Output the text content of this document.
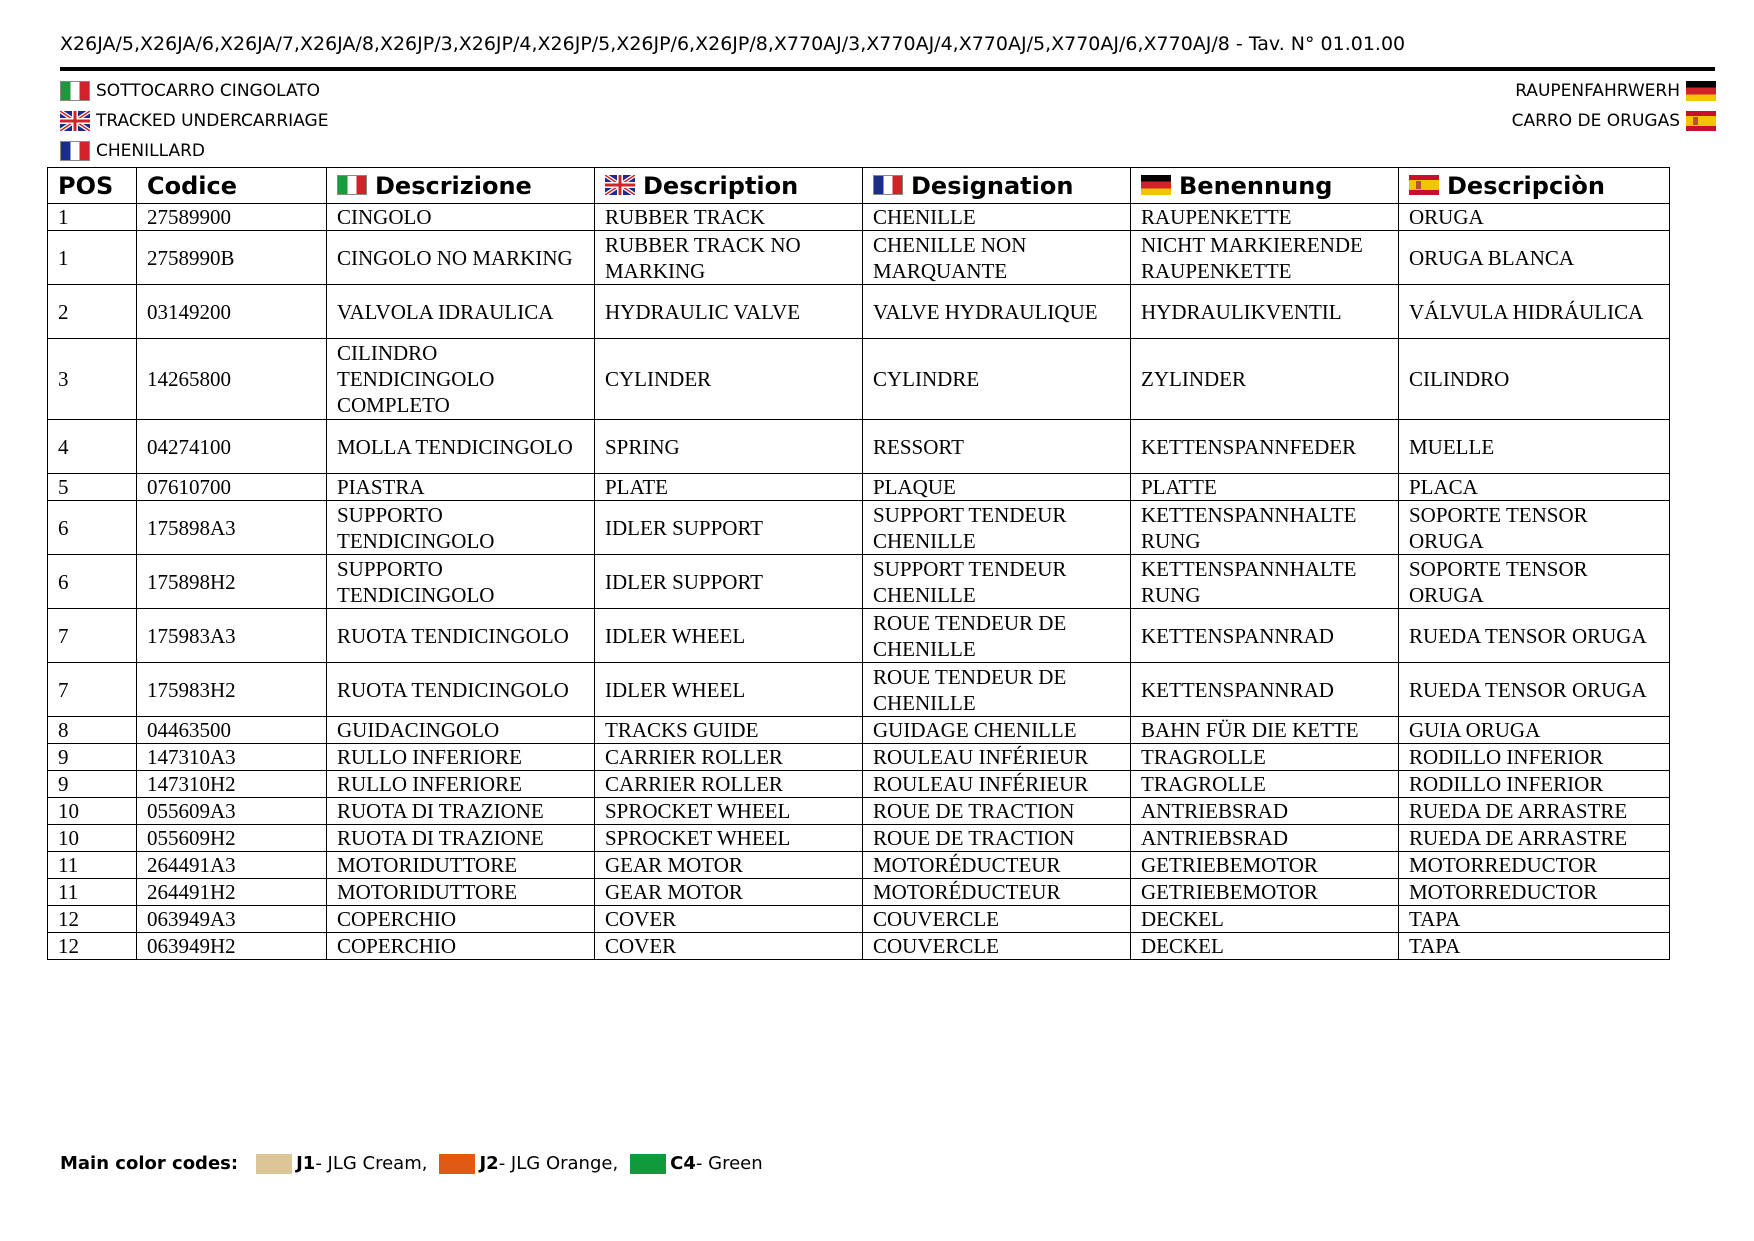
X26JA/5,X26JA/6,X26JA/7,X26JA/8,X26JP/3,X26JP/4,X26JP/5,X26JP/6,X26JP/8,X770AJ/3,X770AJ/4,X770AJ/5,X770AJ/6,X770AJ/8 - Tav. N° 01.01.00
SOTTOCARRO CINGOLATO
TRACKED UNDERCARRIAGE
CHENILLARD
RAUPENFAHRWERH
CARRO DE ORUGAS
POS	Codice	Descrizione	Description	Designation	Benennung	Descripciòn
1	27589900	CINGOLO	RUBBER TRACK	CHENILLE	RAUPENKETTE	ORUGA
1	2758990B	CINGOLO NO MARKING	RUBBER TRACK NO MARKING	CHENILLE NON MARQUANTE	NICHT MARKIERENDE RAUPENKETTE	ORUGA BLANCA
2	03149200	VALVOLA IDRAULICA	HYDRAULIC VALVE	VALVE HYDRAULIQUE	HYDRAULIKVENTIL	VÁLVULA HIDRÁULICA
3	14265800	CILINDRO TENDICINGOLO COMPLETO	CYLINDER	CYLINDRE	ZYLINDER	CILINDRO
4	04274100	MOLLA TENDICINGOLO	SPRING	RESSORT	KETTENSPANNFEDER	MUELLE
5	07610700	PIASTRA	PLATE	PLAQUE	PLATTE	PLACA
6	175898A3	SUPPORTO TENDICINGOLO	IDLER SUPPORT	SUPPORT TENDEUR CHENILLE	KETTENSPANNHALTE RUNG	SOPORTE TENSOR ORUGA
6	175898H2	SUPPORTO TENDICINGOLO	IDLER SUPPORT	SUPPORT TENDEUR CHENILLE	KETTENSPANNHALTE RUNG	SOPORTE TENSOR ORUGA
7	175983A3	RUOTA TENDICINGOLO	IDLER WHEEL	ROUE TENDEUR DE CHENILLE	KETTENSPANNRAD	RUEDA TENSOR ORUGA
7	175983H2	RUOTA TENDICINGOLO	IDLER WHEEL	ROUE TENDEUR DE CHENILLE	KETTENSPANNRAD	RUEDA TENSOR ORUGA
8	04463500	GUIDACINGOLO	TRACKS GUIDE	GUIDAGE CHENILLE	BAHN FÜR DIE KETTE	GUIA ORUGA
9	147310A3	RULLO INFERIORE	CARRIER ROLLER	ROULEAU INFÉRIEUR	TRAGROLLE	RODILLO INFERIOR
9	147310H2	RULLO INFERIORE	CARRIER ROLLER	ROULEAU INFÉRIEUR	TRAGROLLE	RODILLO INFERIOR
10	055609A3	RUOTA DI TRAZIONE	SPROCKET WHEEL	ROUE DE TRACTION	ANTRIEBSRAD	RUEDA DE ARRASTRE
10	055609H2	RUOTA DI TRAZIONE	SPROCKET WHEEL	ROUE DE TRACTION	ANTRIEBSRAD	RUEDA DE ARRASTRE
11	264491A3	MOTORIDUTTORE	GEAR MOTOR	MOTORÉDUCTEUR	GETRIEBEMOTOR	MOTORREDUCTOR
11	264491H2	MOTORIDUTTORE	GEAR MOTOR	MOTORÉDUCTEUR	GETRIEBEMOTOR	MOTORREDUCTOR
12	063949A3	COPERCHIO	COVER	COUVERCLE	DECKEL	TAPA
12	063949H2	COPERCHIO	COVER	COUVERCLE	DECKEL	TAPA
Main color codes:	J1 - JLG Cream,	J2 - JLG Orange,	C4 - Green
